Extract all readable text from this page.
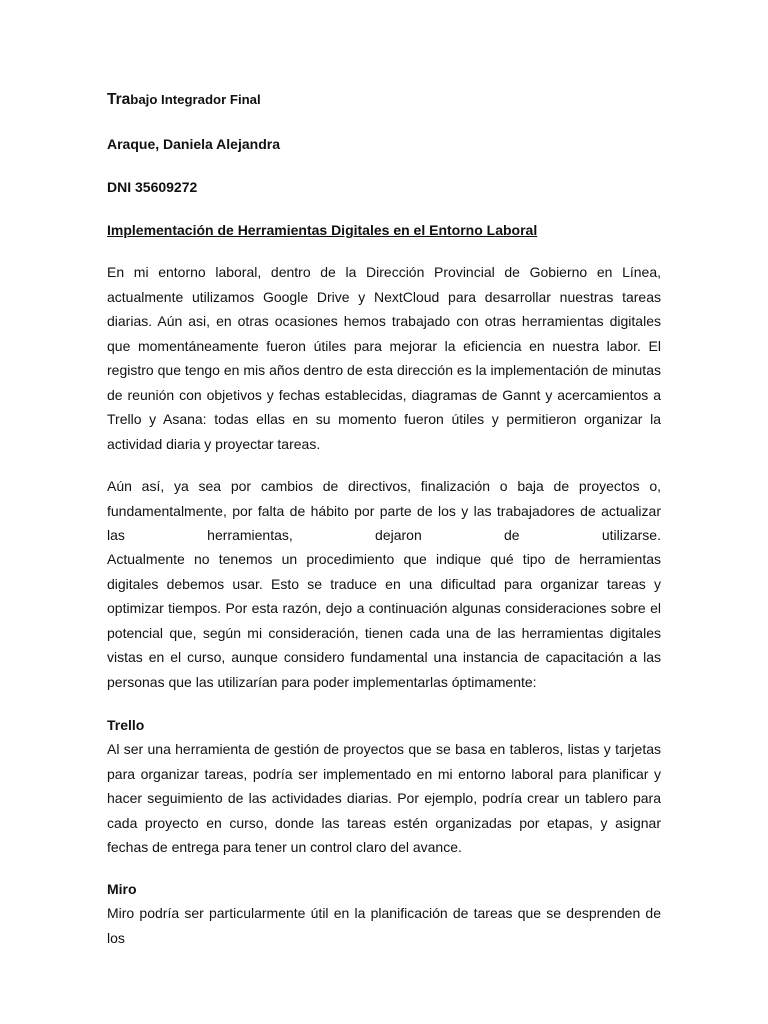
Trabajo Integrador Final

Araque, Daniela Alejandra

DNI 35609272

Implementación de Herramientas Digitales en el Entorno Laboral

En mi entorno laboral, dentro de la Dirección Provincial de Gobierno en Línea, actualmente utilizamos Google Drive y NextCloud para desarrollar nuestras tareas diarias. Aún asi, en otras ocasiones hemos trabajado con otras herramientas digitales que momentáneamente fueron útiles para mejorar la eficiencia en nuestra labor. El registro que tengo en mis años dentro de esta dirección es la implementación de minutas de reunión con objetivos y fechas establecidas, diagramas de Gannt y acercamientos a Trello y Asana: todas ellas en su momento fueron útiles y permitieron organizar la actividad diaria y proyectar tareas.

Aún así, ya sea por cambios de directivos, finalización o baja de proyectos o, fundamentalmente, por falta de hábito por parte de los y las trabajadores de actualizar las herramientas, dejaron de utilizarse.

Actualmente no tenemos un procedimiento que indique qué tipo de herramientas digitales debemos usar. Esto se traduce en una dificultad para organizar tareas y optimizar tiempos. Por esta razón, dejo a continuación algunas consideraciones sobre el potencial que, según mi consideración, tienen cada una de las herramientas digitales vistas en el curso, aunque considero fundamental una instancia de capacitación a las personas que las utilizarían para poder implementarlas óptimamente:

Trello

Al ser una herramienta de gestión de proyectos que se basa en tableros, listas y tarjetas para organizar tareas, podría ser implementado en mi entorno laboral para planificar y hacer seguimiento de las actividades diarias. Por ejemplo, podría crear un tablero para cada proyecto en curso, donde las tareas estén organizadas por etapas, y asignar fechas de entrega para tener un control claro del avance.

Miro

Miro podría ser particularmente útil en la planificación de tareas que se desprenden de los
